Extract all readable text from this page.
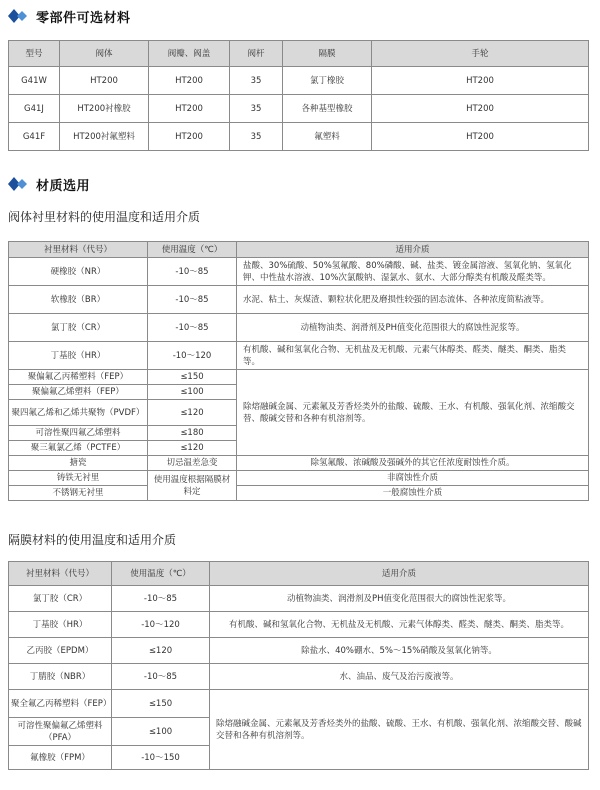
零部件可选材料
型号	阀体	阀瓣、阀盖	阀杆	隔膜	手轮
G41W	HT200	HT200	35	氯丁橡胶	HT200
G41J	HT200衬橡胶	HT200	35	各种基型橡胶	HT200
G41F	HT200衬氟塑料	HT200	35	氟塑料	HT200
材质选用
阀体衬里材料的使用温度和适用介质
衬里材料（代号）	使用温度（℃）	适用介质
硬橡胶（NR）	-10～85	盐酸、30%硫酸、50%氢氟酸、80%磷酸、碱、盐类、镀金属溶液、氢氧化钠、氢氧化钾、中性盐水溶液、10%次氯酸钠、湿氯水、氨水、大部分醇类有机酸及醛类等。
软橡胶（BR）	-10～85	水泥、粘土、灰煤渣、颗粒状化肥及磨损性较强的固态流体、各种浓度简粘液等。
氯丁胶（CR）	-10～85	动植物油类、润滑剂及PH值变化范围很大的腐蚀性泥浆等。
丁基胶（HR）	-10～120	有机酸、碱和氢氧化合物、无机盐及无机酸、元素气体醇类、醛类、醚类、酮类、脂类等。
聚偏氟乙丙稀塑料（FEP）	≤150	除熔融碱金属、元素氟及芳香烃类外的盐酸、硫酸、王水、有机酸、强氧化剂、浓缩酸交替、酸碱交替和各种有机溶剂等。
聚偏氟乙烯塑料（FEP）	≤100	
聚四氟乙烯和乙烯共聚物（PVDF）	≤120	
可溶性聚四氟乙烯塑料	≤180	
聚三氟氯乙烯（PCTFE）	≤120	
搪瓷	切忌温差急变	除氢氟酸、浓碱酸及强碱外的其它任浓度耐蚀性介质。
铸铁无衬里	使用温度根据隔膜材料定	非腐蚀性介质
不锈钢无衬里		一般腐蚀性介质
隔膜材料的使用温度和适用介质
衬里材料（代号）	使用温度（℃）	适用介质
氯丁胶（CR）	-10～85	动植物油类、润滑剂及PH值变化范围很大的腐蚀性泥浆等。
丁基胶（HR）	-10～120	有机酸、碱和氢氧化合物、无机盐及无机酸、元素气体醇类、醛类、醚类、酮类、脂类等。
乙丙胶（EPDM）	≤120	除盐水、40%硼水、5%～15%硝酸及氢氧化钠等。
丁腈胶（NBR）	-10～85	水、油品、废气及治污废液等。
聚全氟乙丙稀塑料（FEP）	≤150	除熔融碱金属、元素氟及芳香烃类外的盐酸、硫酸、王水、有机酸、强氧化剂、浓缩酸交替、酸碱交替和各种有机溶剂等。
可溶性聚偏氟乙烯塑料（PFA）	≤100	
氟橡胶（FPM）	-10～150	
